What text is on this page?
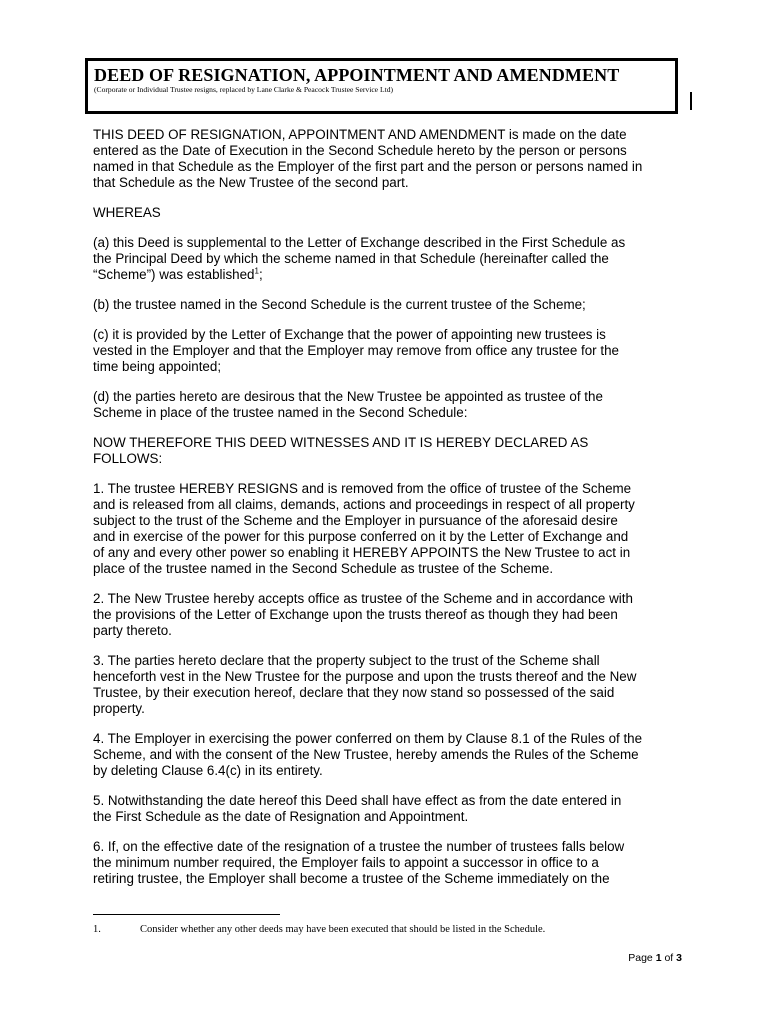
DEED OF RESIGNATION, APPOINTMENT AND AMENDMENT
(Corporate or Individual Trustee resigns, replaced by Lane Clarke & Peacock Trustee Service Ltd)

THIS DEED OF RESIGNATION, APPOINTMENT AND AMENDMENT is made on the date
entered as the Date of Execution in the Second Schedule hereto by the person or persons
named in that Schedule as the Employer of the first part and the person or persons named in
that Schedule as the New Trustee of the second part.

WHEREAS

(a) this Deed is supplemental to the Letter of Exchange described in the First Schedule as
the Principal Deed by which the scheme named in that Schedule (hereinafter called the
“Scheme”) was established$^1$;

(b) the trustee named in the Second Schedule is the current trustee of the Scheme;

(c) it is provided by the Letter of Exchange that the power of appointing new trustees is
vested in the Employer and that the Employer may remove from office any trustee for the
time being appointed;

(d) the parties hereto are desirous that the New Trustee be appointed as trustee of the
Scheme in place of the trustee named in the Second Schedule:

NOW THEREFORE THIS DEED WITNESSES AND IT IS HEREBY DECLARED AS
FOLLOWS:

1. The trustee HEREBY RESIGNS and is removed from the office of trustee of the Scheme
and is released from all claims, demands, actions and proceedings in respect of all property
subject to the trust of the Scheme and the Employer in pursuance of the aforesaid desire
and in exercise of the power for this purpose conferred on it by the Letter of Exchange and
of any and every other power so enabling it HEREBY APPOINTS the New Trustee to act in
place of the trustee named in the Second Schedule as trustee of the Scheme.

2. The New Trustee hereby accepts office as trustee of the Scheme and in accordance with
the provisions of the Letter of Exchange upon the trusts thereof as though they had been
party thereto.

3. The parties hereto declare that the property subject to the trust of the Scheme shall
henceforth vest in the New Trustee for the purpose and upon the trusts thereof and the New
Trustee, by their execution hereof, declare that they now stand so possessed of the said
property.

4. The Employer in exercising the power conferred on them by Clause 8.1 of the Rules of the
Scheme, and with the consent of the New Trustee, hereby amends the Rules of the Scheme
by deleting Clause 6.4(c) in its entirety.

5. Notwithstanding the date hereof this Deed shall have effect as from the date entered in
the First Schedule as the date of Resignation and Appointment.

6. If, on the effective date of the resignation of a trustee the number of trustees falls below
the minimum number required, the Employer fails to appoint a successor in office to a
retiring trustee, the Employer shall become a trustee of the Scheme immediately on the

1.	Consider whether any other deeds may have been executed that should be listed in the Schedule.
Page 1 of 3
